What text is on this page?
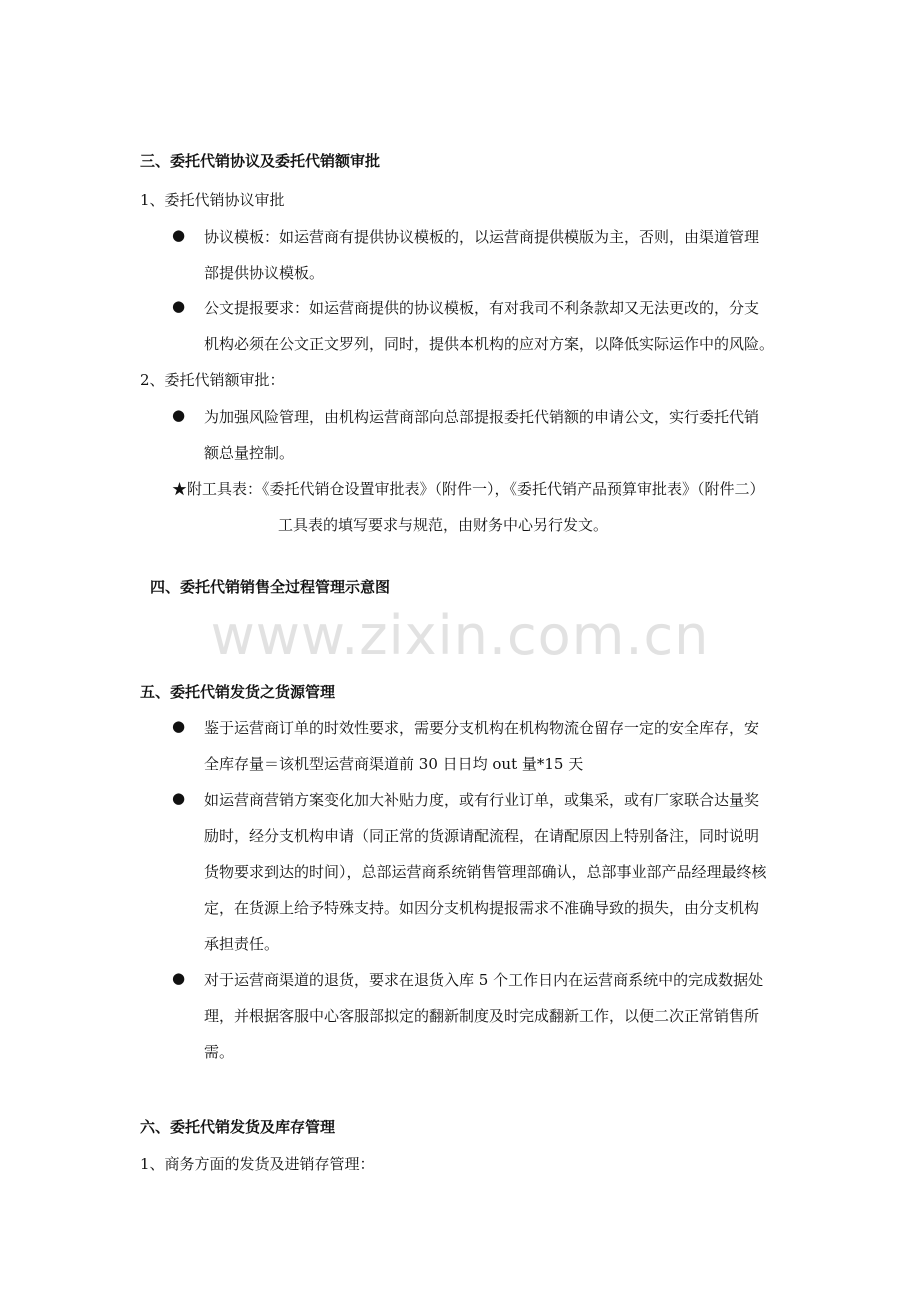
三、委托代销协议及委托代销额审批
1、委托代销协议审批
● 协议模板：如运营商有提供协议模板的，以运营商提供模版为主，否则，由渠道管理
部提供协议模板。
● 公文提报要求：如运营商提供的协议模板，有对我司不利条款却又无法更改的，分支
机构必须在公文正文罗列，同时，提供本机构的应对方案，以降低实际运作中的风险。
2、委托代销额审批：
● 为加强风险管理，由机构运营商部向总部提报委托代销额的申请公文，实行委托代销
额总量控制。
★附工具表：《委托代销仓设置审批表》（附件一），《委托代销产品预算审批表》（附件二）
工具表的填写要求与规范，由财务中心另行发文。
四、委托代销销售全过程管理示意图
www.zixin.com.cn
五、委托代销发货之货源管理
● 鉴于运营商订单的时效性要求，需要分支机构在机构物流仓留存一定的安全库存，安
全库存量＝该机型运营商渠道前 30 日日均 out 量*15 天
● 如运营商营销方案变化加大补贴力度，或有行业订单，或集采，或有厂家联合达量奖
励时，经分支机构申请（同正常的货源请配流程，在请配原因上特别备注，同时说明
货物要求到达的时间），总部运营商系统销售管理部确认，总部事业部产品经理最终核
定，在货源上给予特殊支持。如因分支机构提报需求不准确导致的损失，由分支机构
承担责任。
● 对于运营商渠道的退货，要求在退货入库 5 个工作日内在运营商系统中的完成数据处
理，并根据客服中心客服部拟定的翻新制度及时完成翻新工作，以便二次正常销售所
需。
六、委托代销发货及库存管理
1、商务方面的发货及进销存管理：
